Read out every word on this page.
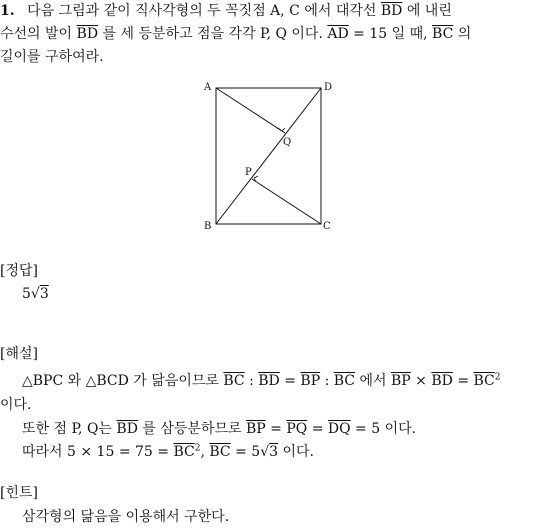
1. 다음 그림과 같이 직사각형의 두 꼭짓점 A, C 에서 대각선 $\overline{BD}$ 에 내린
수선의 발이 $\overline{BD}$ 를 세 등분하고 점을 각각 P, Q 이다. $\overline{AD} = 15$ 일 때, $\overline{BC}$ 의
길이를 구하여라.
A	D
B	C
P
Q
[정답]
5√3
[해설]
△BPC 와 △BCD 가 닮음이므로 $\overline{BC}$ : $\overline{BD} = \overline{BP}$ : $\overline{BC}$ 에서 $\overline{BP} \times \overline{BD} = \overline{BC}^2$
이다.
또한 점 P, Q는 $\overline{BD}$ 를 삼등분하므로 $\overline{BP} = \overline{PQ} = \overline{DQ} = 5$ 이다.
따라서 $5 \times 15 = 75 = \overline{BC}^2$, $\overline{BC} = 5√3$ 이다.
[힌트]
삼각형의 닮음을 이용해서 구한다.
